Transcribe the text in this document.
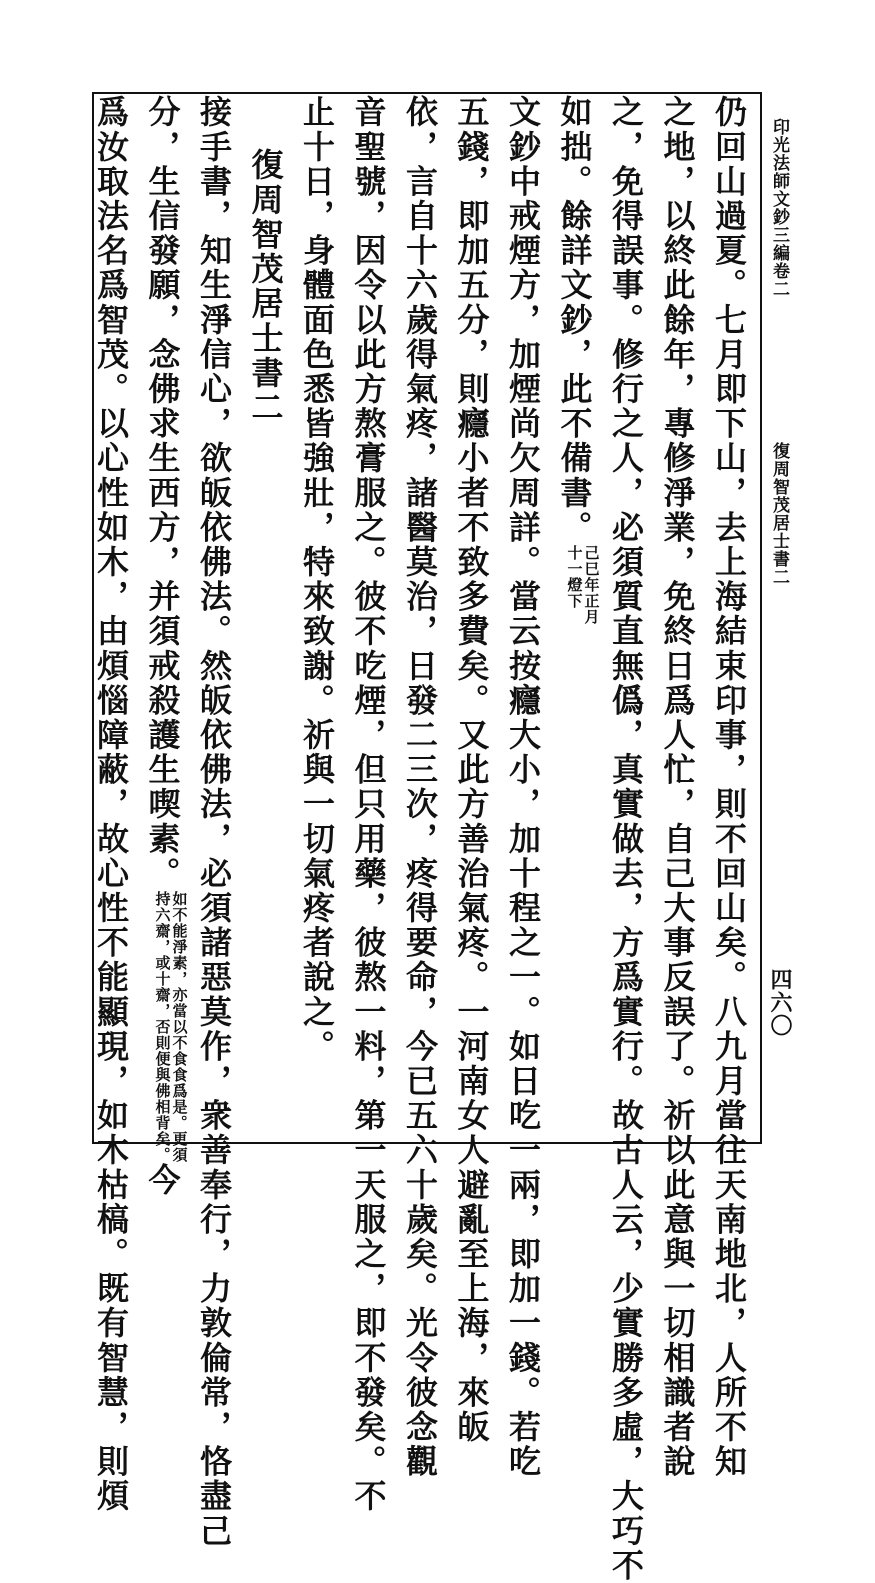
印光法師文鈔三編卷二
復周智茂居士書二
四六〇
仍回山過夏。七月即下山，去上海結束印事，則不回山矣。八九月當往天南地北，人所不知
之地，以終此餘年，專修淨業，免終日爲人忙，自己大事反誤了。祈以此意與一切相識者說
之，免得誤事。修行之人，必須質直無僞，真實做去，方爲實行。故古人云，少實勝多虛，大巧不
如拙。餘詳文鈔，此不備書。己巳年正月
十一燈下
文鈔中戒煙方，加煙尚欠周詳。當云按癮大小，加十程之一。如日吃一兩，即加一錢。若吃
五錢，即加五分，則癮小者不致多費矣。又此方善治氣疼。一河南女人避亂至上海，來皈
依，言自十六歲得氣疼，諸醫莫治，日發二三次，疼得要命，今已五六十歲矣。光令彼念觀
音聖號，因令以此方熬膏服之。彼不吃煙，但只用藥，彼熬一料，第一天服之，即不發矣。不
止十日，身體面色悉皆強壯，特來致謝。祈與一切氣疼者說之。
復周智茂居士書二
接手書，知生淨信心，欲皈依佛法。然皈依佛法，必須諸惡莫作，衆善奉行，力敦倫常，恪盡己
分，生信發願，念佛求生西方，并須戒殺護生喫素。如不能淨素，亦當以不食食爲是。更須
持六齋，或十齋，否則便與佛相背矣。今
爲汝取法名爲智茂。以心性如木，由煩惱障蔽，故心性不能顯現，如木枯槁。既有智慧，則煩
